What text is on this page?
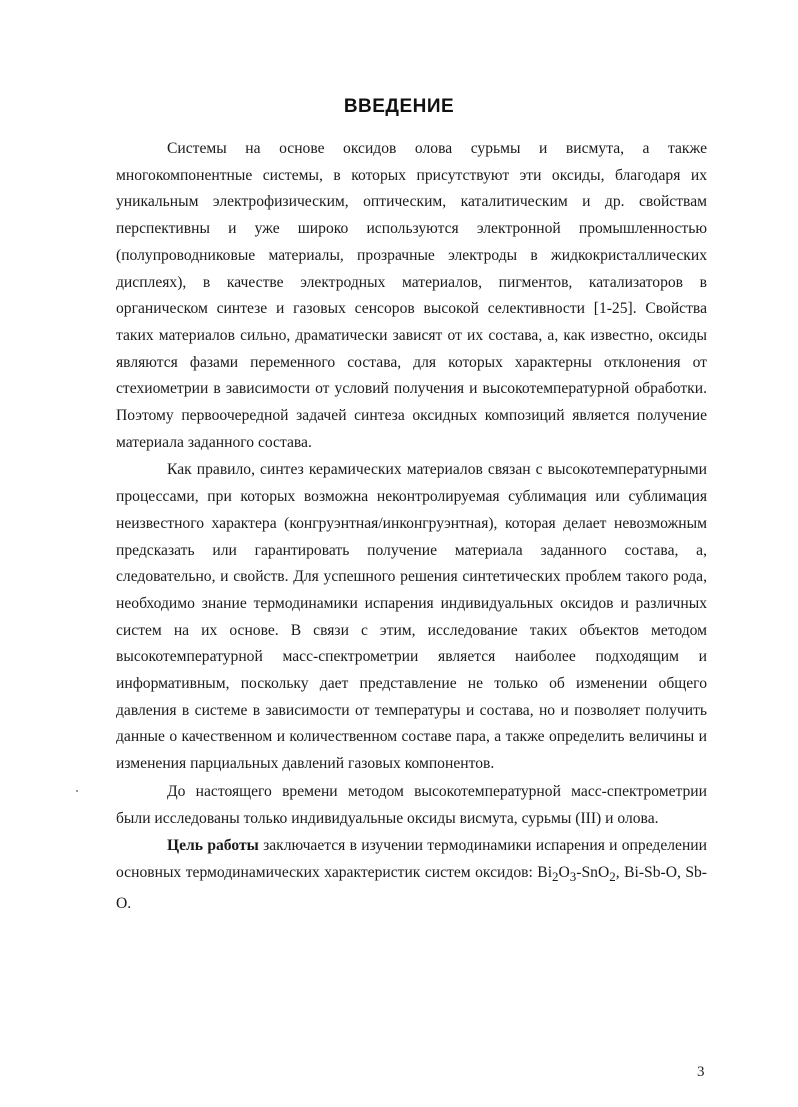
ВВЕДЕНИЕ

Системы на основе оксидов олова сурьмы и висмута, а также многокомпонентные системы, в которых присутствуют эти оксиды, благодаря их уникальным электрофизическим, оптическим, каталитическим и др. свойствам перспективны и уже широко используются электронной промышленностью (полупроводниковые материалы, прозрачные электроды в жидкокристаллических дисплеях), в качестве электродных материалов, пигментов, катализаторов в органическом синтезе и газовых сенсоров высокой селективности [1-25]. Свойства таких материалов сильно, драматически зависят от их состава, а, как известно, оксиды являются фазами переменного состава, для которых характерны отклонения от стехиометрии в зависимости от условий получения и высокотемпературной обработки. Поэтому первоочередной задачей синтеза оксидных композиций является получение материала заданного состава.

Как правило, синтез керамических материалов связан с высокотемпературными процессами, при которых возможна неконтролируемая сублимация или сублимация неизвестного характера (конгруэнтная/инконгруэнтная), которая делает невозможным предсказать или гарантировать получение материала заданного состава, а, следовательно, и свойств. Для успешного решения синтетических проблем такого рода, необходимо знание термодинамики испарения индивидуальных оксидов и различных систем на их основе. В связи с этим, исследование таких объектов методом высокотемпературной масс-спектрометрии является наиболее подходящим и информативным, поскольку дает представление не только об изменении общего давления в системе в зависимости от температуры и состава, но и позволяет получить данные о качественном и количественном составе пара, а также определить величины и изменения парциальных давлений газовых компонентов.

До настоящего времени методом высокотемпературной масс-спектрометрии были исследованы только индивидуальные оксиды висмута, сурьмы (III) и олова.

Цель работы заключается в изучении термодинамики испарения и определении основных термодинамических характеристик систем оксидов: $Bi_2O_3-SnO_2$, Bi-Sb-O, Sb-O.

3
